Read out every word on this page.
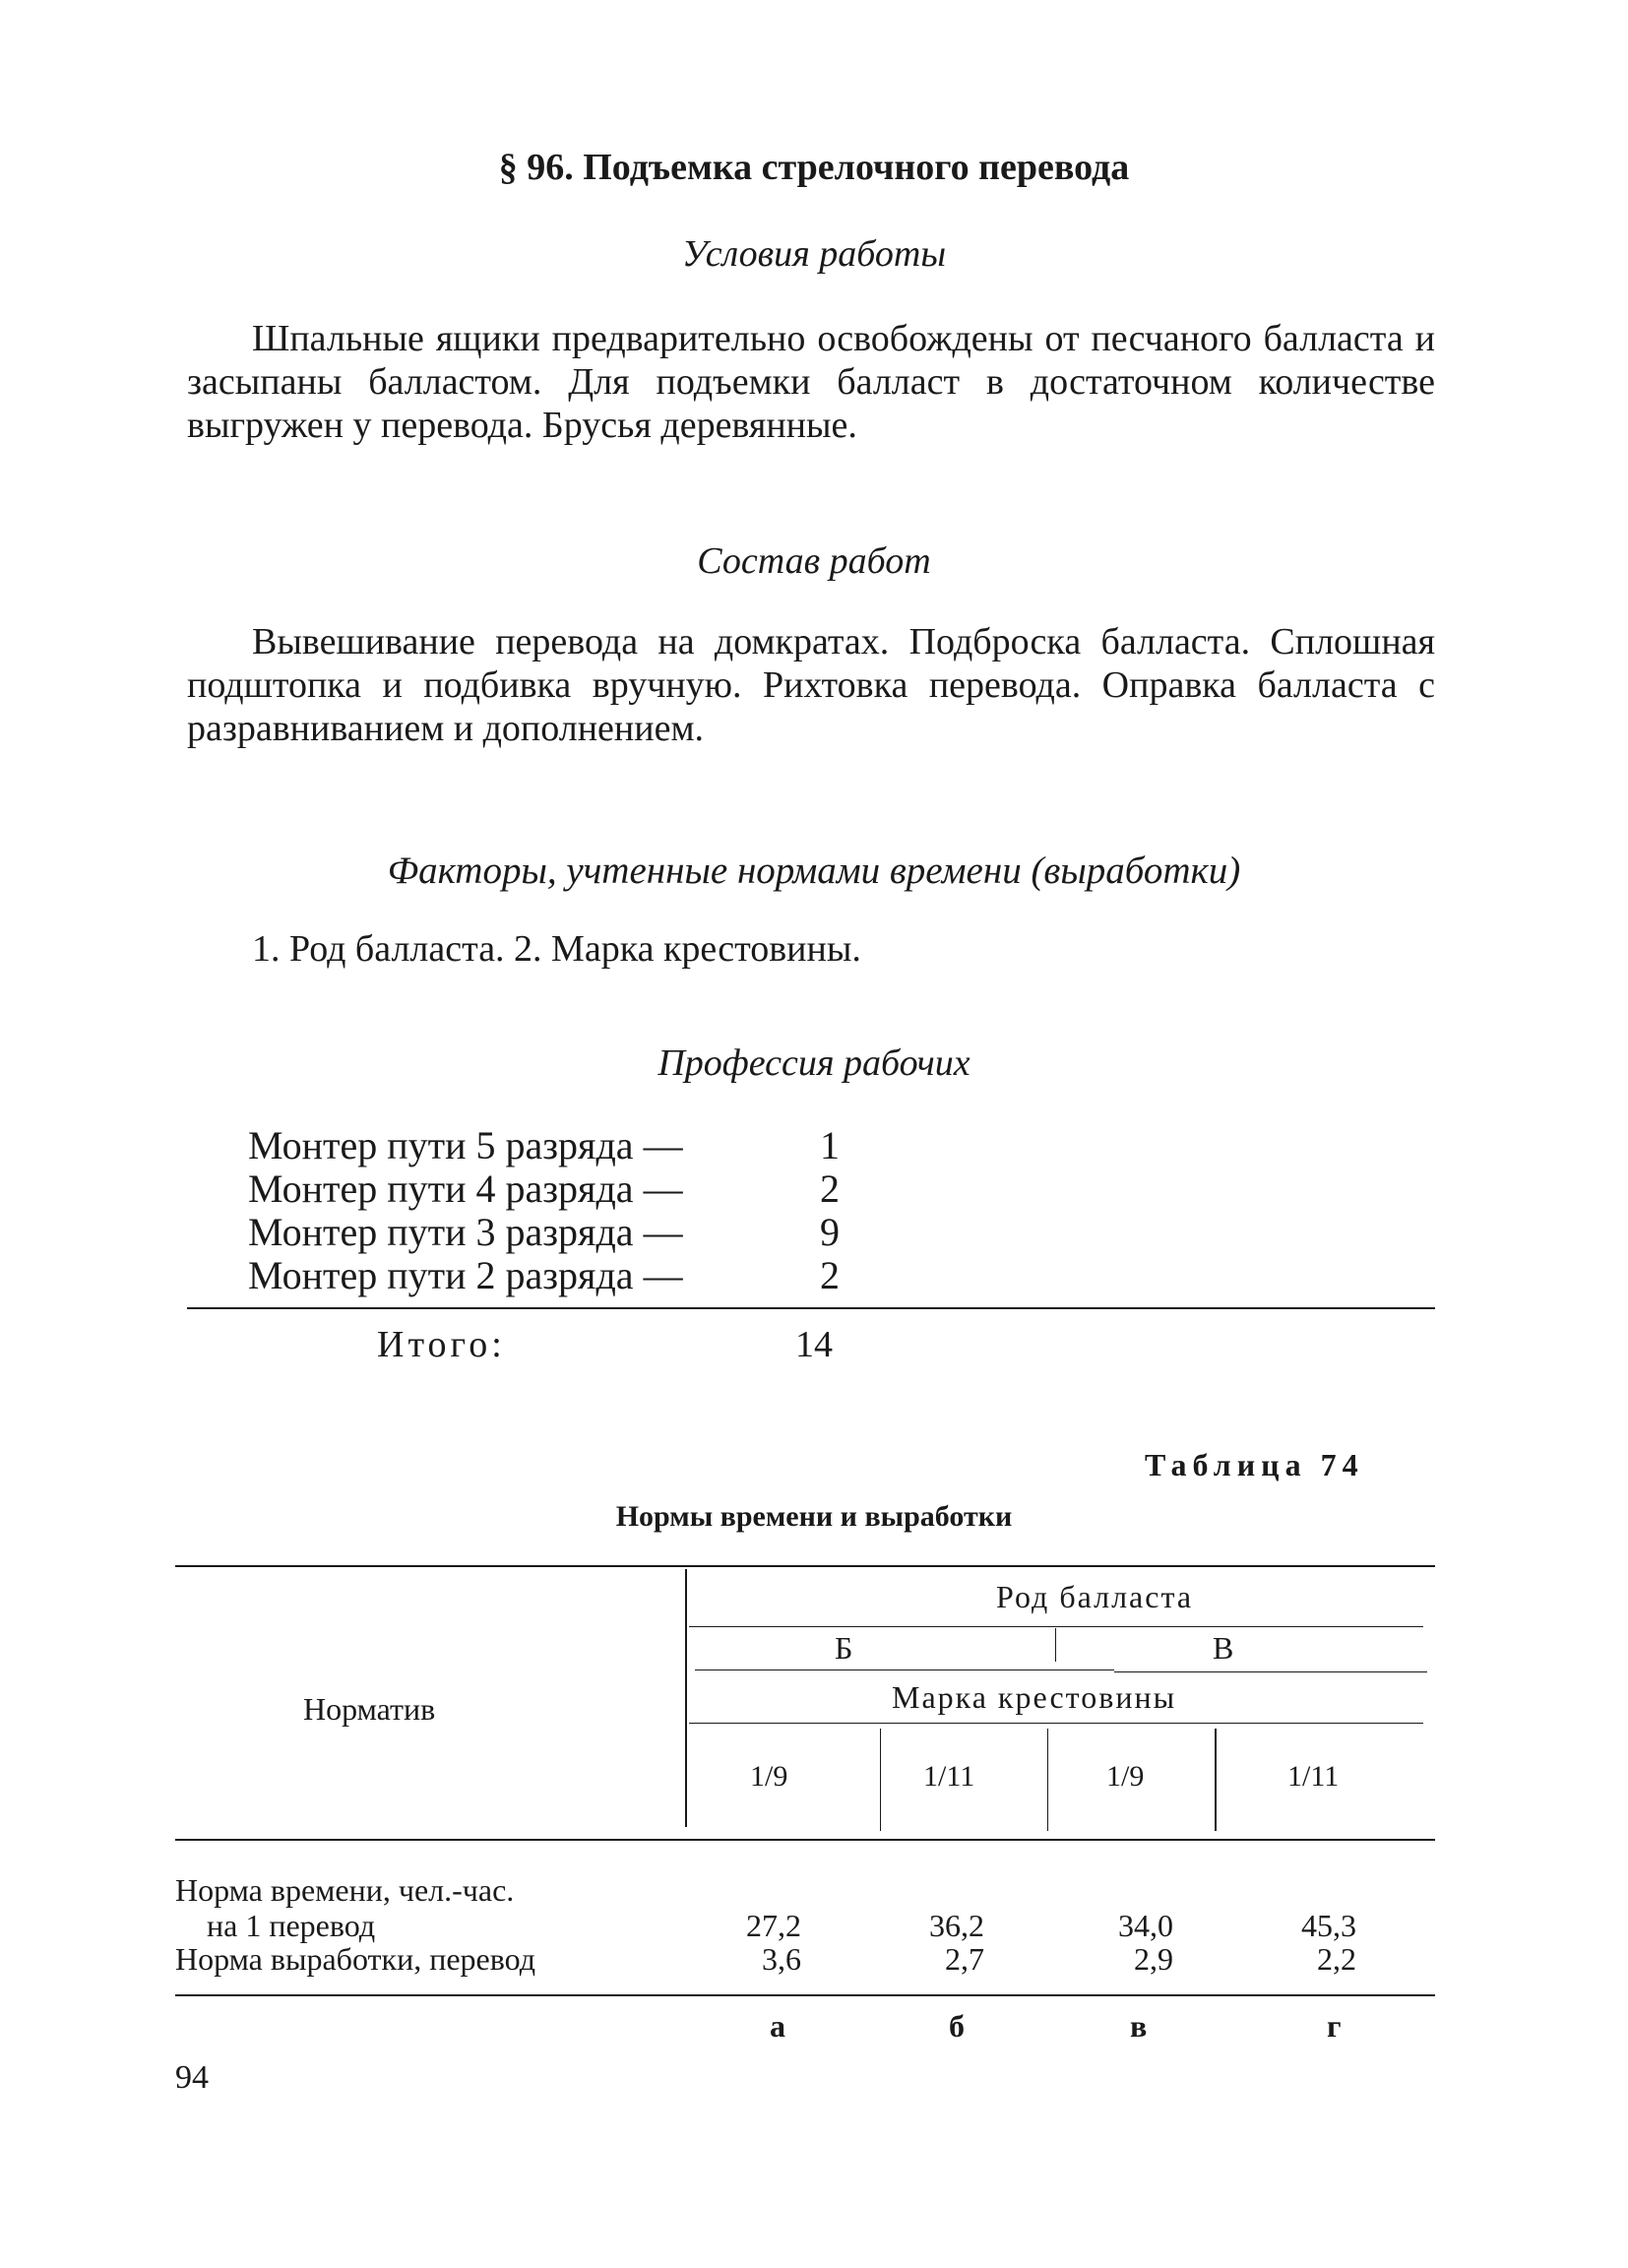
§ 96. Подъемка стрелочного перевода
Условия работы

Шпальные ящики предварительно освобождены от песчаного балласта и засыпаны балластом. Для подъемки балласт в достаточном количестве выгружен у перевода. Брусья деревянные.

Состав работ

Вывешивание перевода на домкратах. Подброска балласта. Сплошная подштопка и подбивка вручную. Рихтовка перевода. Оправка балласта с разравниванием и дополнением.

Факторы, учтенные нормами времени (выработки)
1. Род балласта. 2. Марка крестовины.
Профессия рабочих
Монтер пути 5 разряда —	1
Монтер пути 4 разряда —	2
Монтер пути 3 разряда —	9
Монтер пути 2 разряда —	2
Итого:	14
Таблица 74
Нормы времени и выработки
Род балласта
Б	В
Марка крестовины
Норматив
1/9	1/11	1/9	1/11
Норма времени, чел.-час.
на 1 перевод	27,2	36,2	34,0	45,3
Норма выработки, перевод	3,6	2,7	2,9	2,2
а	б	в	г
94
